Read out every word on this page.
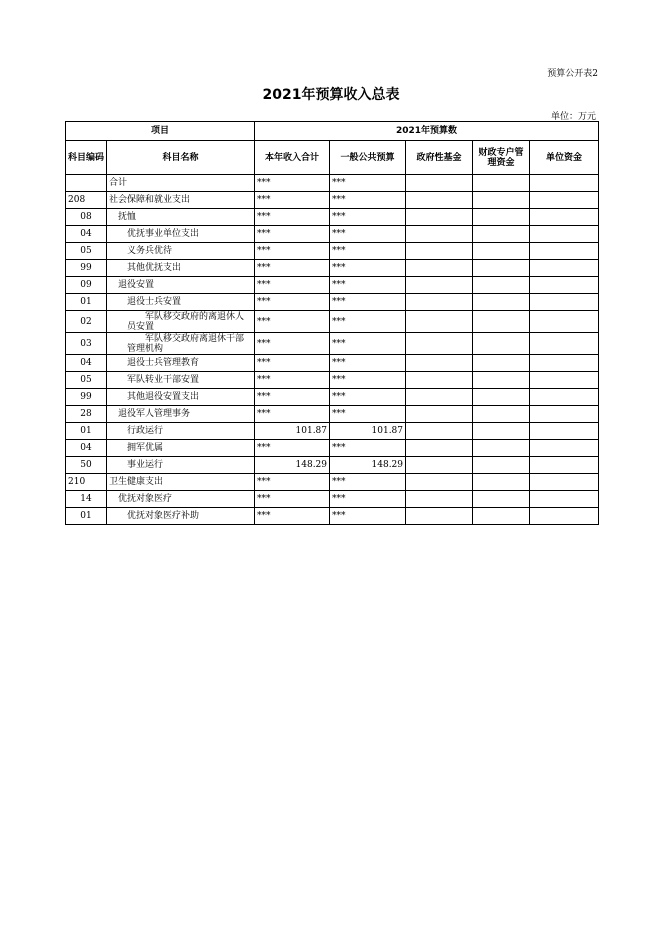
预算公开表2
2021年预算收入总表
单位：万元
项目		2021年预算数				
科目编码	科目名称	本年收入合计	一般公共预算	政府性基金	财政专户管理资金	单位资金
	合计	***	***			
208	社会保障和就业支出	***	***			
08	抚恤	***	***			
04	优抚事业单位支出	***	***			
05	义务兵优待	***	***			
99	其他优抚支出	***	***			
09	退役安置	***	***			
01	退役士兵安置	***	***			
02	军队移交政府的离退休人员安置	***	***			
03	军队移交政府离退休干部管理机构	***	***			
04	退役士兵管理教育	***	***			
05	军队转业干部安置	***	***			
99	其他退役安置支出	***	***			
28	退役军人管理事务	***	***			
01	行政运行	101.87	101.87			
04	拥军优属	***	***			
50	事业运行	148.29	148.29			
210	卫生健康支出	***	***			
14	优抚对象医疗	***	***			
01	优抚对象医疗补助	***	***			
